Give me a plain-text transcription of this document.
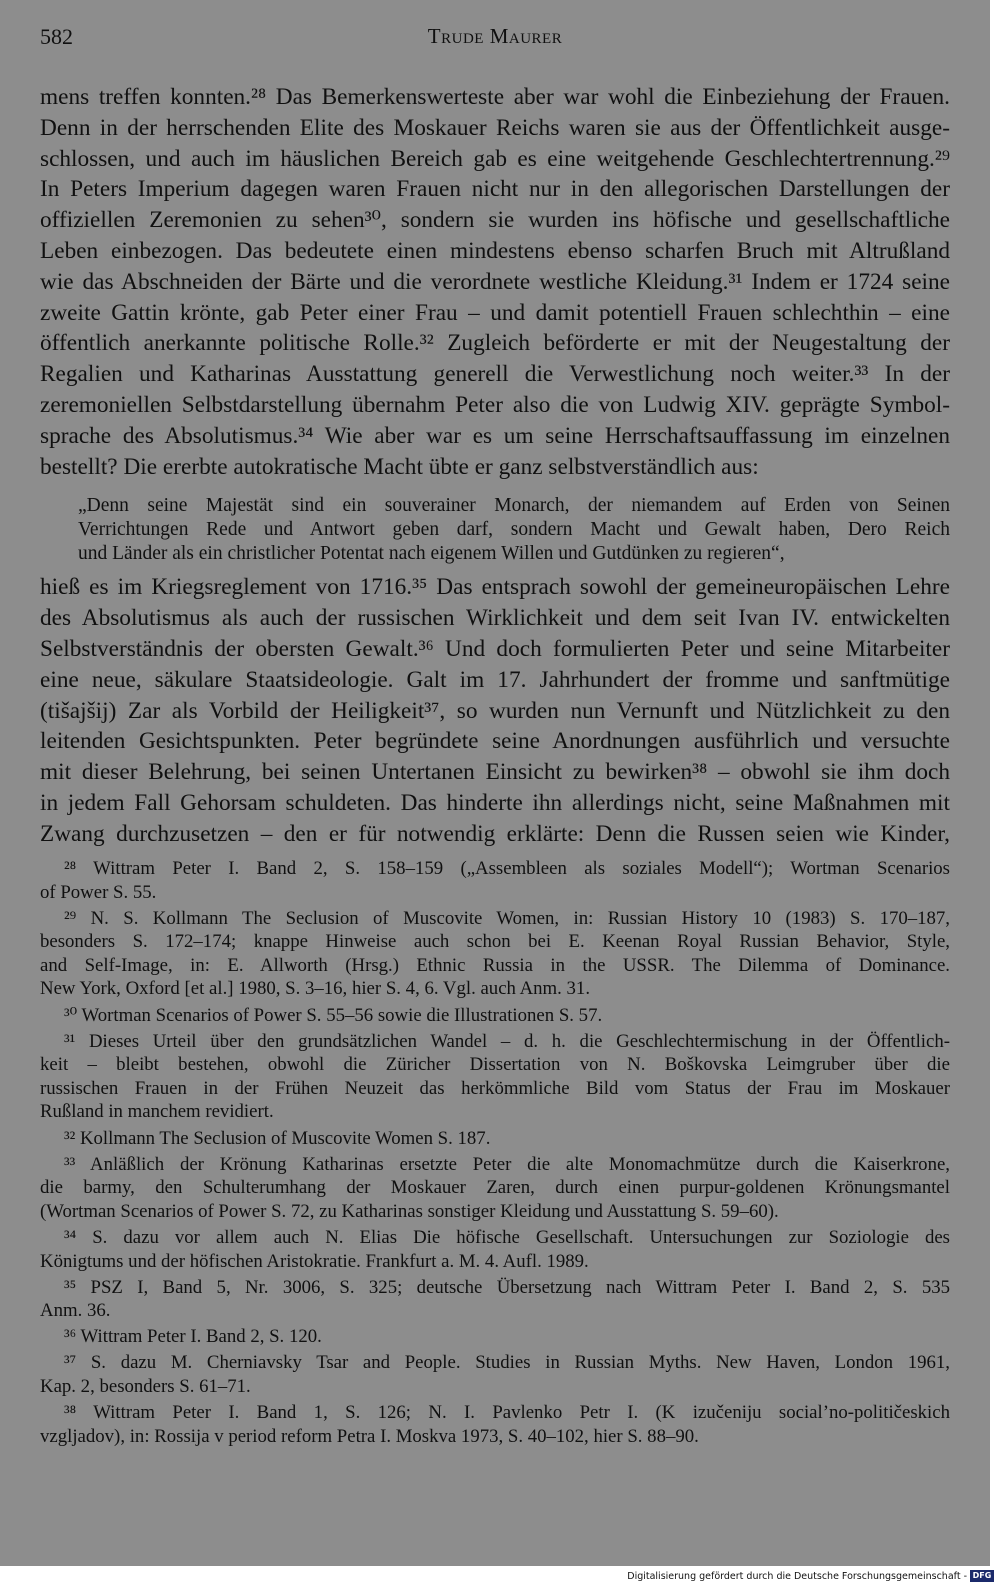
582	Trude Maurer
mens treffen konnten.²⁸ Das Bemerkenswerteste aber war wohl die Einbeziehung der Frauen.
Denn in der herrschenden Elite des Moskauer Reichs waren sie aus der Öffentlichkeit ausge-
schlossen, und auch im häuslichen Bereich gab es eine weitgehende Geschlechtertrennung.²⁹
In Peters Imperium dagegen waren Frauen nicht nur in den allegorischen Darstellungen der
offiziellen Zeremonien zu sehen³⁰, sondern sie wurden ins höfische und gesellschaftliche
Leben einbezogen. Das bedeutete einen mindestens ebenso scharfen Bruch mit Altrußland
wie das Abschneiden der Bärte und die verordnete westliche Kleidung.³¹ Indem er 1724 seine
zweite Gattin krönte, gab Peter einer Frau – und damit potentiell Frauen schlechthin – eine
öffentlich anerkannte politische Rolle.³² Zugleich beförderte er mit der Neugestaltung der
Regalien und Katharinas Ausstattung generell die Verwestlichung noch weiter.³³ In der
zeremoniellen Selbstdarstellung übernahm Peter also die von Ludwig XIV. geprägte Symbol-
sprache des Absolutismus.³⁴ Wie aber war es um seine Herrschaftsauffassung im einzelnen
bestellt? Die ererbte autokratische Macht übte er ganz selbstverständlich aus:
„Denn seine Majestät sind ein souverainer Monarch, der niemandem auf Erden von Seinen
Verrichtungen Rede und Antwort geben darf, sondern Macht und Gewalt haben, Dero Reich
und Länder als ein christlicher Potentat nach eigenem Willen und Gutdünken zu regieren“,
hieß es im Kriegsreglement von 1716.³⁵ Das entsprach sowohl der gemeineuropäischen Lehre
des Absolutismus als auch der russischen Wirklichkeit und dem seit Ivan IV. entwickelten
Selbstverständnis der obersten Gewalt.³⁶ Und doch formulierten Peter und seine Mitarbeiter
eine neue, säkulare Staatsideologie. Galt im 17. Jahrhundert der fromme und sanftmütige
(tišajšij) Zar als Vorbild der Heiligkeit³⁷, so wurden nun Vernunft und Nützlichkeit zu den
leitenden Gesichtspunkten. Peter begründete seine Anordnungen ausführlich und versuchte
mit dieser Belehrung, bei seinen Untertanen Einsicht zu bewirken³⁸ – obwohl sie ihm doch
in jedem Fall Gehorsam schuldeten. Das hinderte ihn allerdings nicht, seine Maßnahmen mit
Zwang durchzusetzen – den er für notwendig erklärte: Denn die Russen seien wie Kinder,
²⁸ Wittram Peter I. Band 2, S. 158–159 („Assembleen als soziales Modell“); Wortman Scenarios
of Power S. 55.
²⁹ N. S. Kollmann The Seclusion of Muscovite Women, in: Russian History 10 (1983) S. 170–187,
besonders S. 172–174; knappe Hinweise auch schon bei E. Keenan Royal Russian Behavior, Style,
and Self-Image, in: E. Allworth (Hrsg.) Ethnic Russia in the USSR. The Dilemma of Dominance.
New York, Oxford [et al.] 1980, S. 3–16, hier S. 4, 6. Vgl. auch Anm. 31.
³⁰ Wortman Scenarios of Power S. 55–56 sowie die Illustrationen S. 57.
³¹ Dieses Urteil über den grundsätzlichen Wandel – d. h. die Geschlechtermischung in der Öffentlich-
keit – bleibt bestehen, obwohl die Züricher Dissertation von N. Boškovska Leimgruber über die
russischen Frauen in der Frühen Neuzeit das herkömmliche Bild vom Status der Frau im Moskauer
Rußland in manchem revidiert.
³² Kollmann The Seclusion of Muscovite Women S. 187.
³³ Anläßlich der Krönung Katharinas ersetzte Peter die alte Monomachmütze durch die Kaiserkrone,
die barmy, den Schulterumhang der Moskauer Zaren, durch einen purpur-goldenen Krönungsmantel
(Wortman Scenarios of Power S. 72, zu Katharinas sonstiger Kleidung und Ausstattung S. 59–60).
³⁴ S. dazu vor allem auch N. Elias Die höfische Gesellschaft. Untersuchungen zur Soziologie des
Königtums und der höfischen Aristokratie. Frankfurt a. M. 4. Aufl. 1989.
³⁵ PSZ I, Band 5, Nr. 3006, S. 325; deutsche Übersetzung nach Wittram Peter I. Band 2, S. 535
Anm. 36.
³⁶ Wittram Peter I. Band 2, S. 120.
³⁷ S. dazu M. Cherniavsky Tsar and People. Studies in Russian Myths. New Haven, London 1961,
Kap. 2, besonders S. 61–71.
³⁸ Wittram Peter I. Band 1, S. 126; N. I. Pavlenko Petr I. (K izučeniju social’no-političeskich
vzgljadov), in: Rossija v period reform Petra I. Moskva 1973, S. 40–102, hier S. 88–90.
Digitalisierung gefördert durch die Deutsche Forschungsgemeinschaft - DFG
